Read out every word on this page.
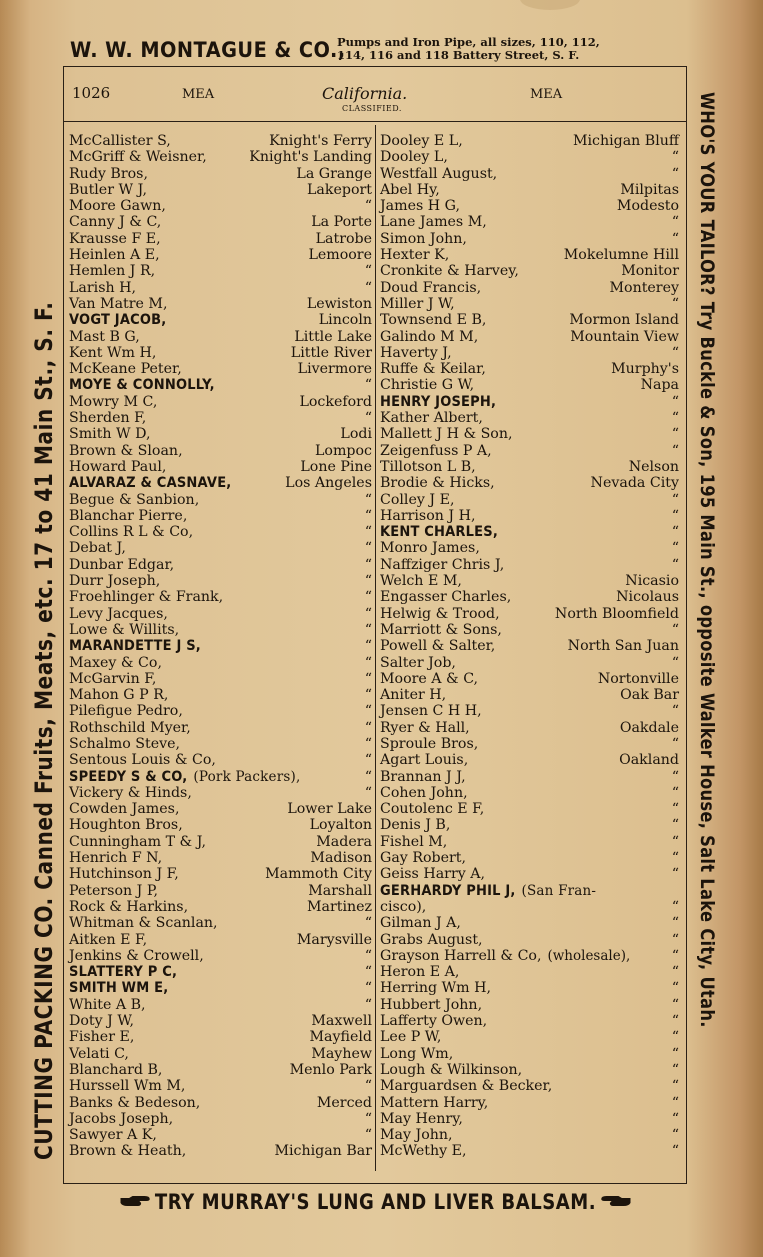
W. W. MONTAGUE & CO.,
Pumps and Iron Pipe, all sizes, 110, 112,
114, 116 and 118 Battery Street, S. F.
1026	MEA	California.
CLASSIFIED.
MEA
McCallister S,	Knight's Ferry
McGriff & Weisner,	Knight's Landing
Rudy Bros,	La Grange
Butler W J,	Lakeport
Moore Gawn,	“
Canny J & C,	La Porte
Krausse F E,	Latrobe
Heinlen A E,	Lemoore
Hemlen J R,	“
Larish H,	“
Van Matre M,	Lewiston
VOGT JACOB,	Lincoln
Mast B G,	Little Lake
Kent Wm H,	Little River
McKeane Peter,	Livermore
MOYE & CONNOLLY,	“
Mowry M C,	Lockeford
Sherden F,	“
Smith W D,	Lodi
Brown & Sloan,	Lompoc
Howard Paul,	Lone Pine
ALVARAZ & CASNAVE,	Los Angeles
Begue & Sanbion,	“
Blanchar Pierre,	“
Collins R L & Co,	“
Debat J,	“
Dunbar Edgar,	“
Durr Joseph,	“
Froehlinger & Frank,	“
Levy Jacques,	“
Lowe & Willits,	“
MARANDETTE J S,	“
Maxey & Co,	“
McGarvin F,	“
Mahon G P R,	“
Pilefigue Pedro,	“
Rothschild Myer,	“
Schalmo Steve,	“
Sentous Louis & Co,	“
SPEEDY S & CO, (Pork Packers),	“
Vickery & Hinds,	“
Cowden James,	Lower Lake
Houghton Bros,	Loyalton
Cunningham T & J,	Madera
Henrich F N,	Madison
Hutchinson J F,	Mammoth City
Peterson J P,	Marshall
Rock & Harkins,	Martinez
Whitman & Scanlan,	“
Aitken E F,	Marysville
Jenkins & Crowell,	“
SLATTERY P C,	“
SMITH WM E,	“
White A B,	“
Doty J W,	Maxwell
Fisher E,	Mayfield
Velati C,	Mayhew
Blanchard B,	Menlo Park
Hurssell Wm M,	“
Banks & Bedeson,	Merced
Jacobs Joseph,	“
Sawyer A K,	“
Brown & Heath,	Michigan Bar
Dooley E L,	Michigan Bluff
Dooley L,	“
Westfall August,	“
Abel Hy,	Milpitas
James H G,	Modesto
Lane James M,	“
Simon John,	“
Hexter K,	Mokelumne Hill
Cronkite & Harvey,	Monitor
Doud Francis,	Monterey
Miller J W,	“
Townsend E B,	Mormon Island
Galindo M M,	Mountain View
Haverty J,	“
Ruffe & Keilar,	Murphy's
Christie G W,	Napa
HENRY JOSEPH,	“
Kather Albert,	“
Mallett J H & Son,	“
Zeigenfuss P A,	“
Tillotson L B,	Nelson
Brodie & Hicks,	Nevada City
Colley J E,	“
Harrison J H,	“
KENT CHARLES,	“
Monro James,	“
Naffziger Chris J,	“
Welch E M,	Nicasio
Engasser Charles,	Nicolaus
Helwig & Trood,	North Bloomfield
Marriott & Sons,	“
Powell & Salter,	North San Juan
Salter Job,	“
Moore A & C,	Nortonville
Aniter H,	Oak Bar
Jensen C H H,	“
Ryer & Hall,	Oakdale
Sproule Bros,	“
Agart Louis,	Oakland
Brannan J J,	“
Cohen John,	“
Coutolenc E F,	“
Denis J B,	“
Fishel M,	“
Gay Robert,	“
Geiss Harry A,	“
GERHARDY PHIL J, (San Fran-
cisco),	“
Gilman J A,	“
Grabs August,	“
Grayson Harrell & Co, (wholesale),	“
Heron E A,	“
Herring Wm H,	“
Hubbert John,	“
Lafferty Owen,	“
Lee P W,	“
Long Wm,	“
Lough & Wilkinson,	“
Marguardsen & Becker,	“
Mattern Harry,	“
May Henry,	“
May John,	“
McWethy E,	“
TRY MURRAY'S LUNG AND LIVER BALSAM.
CUTTING PACKING CO. Canned Fruits, Meats, etc. 17 to 41 Main St., S. F.	WHO'S YOUR TAILOR? Try Buckle & Son, 195 Main St., opposite Walker House, Salt Lake City, Utah.
